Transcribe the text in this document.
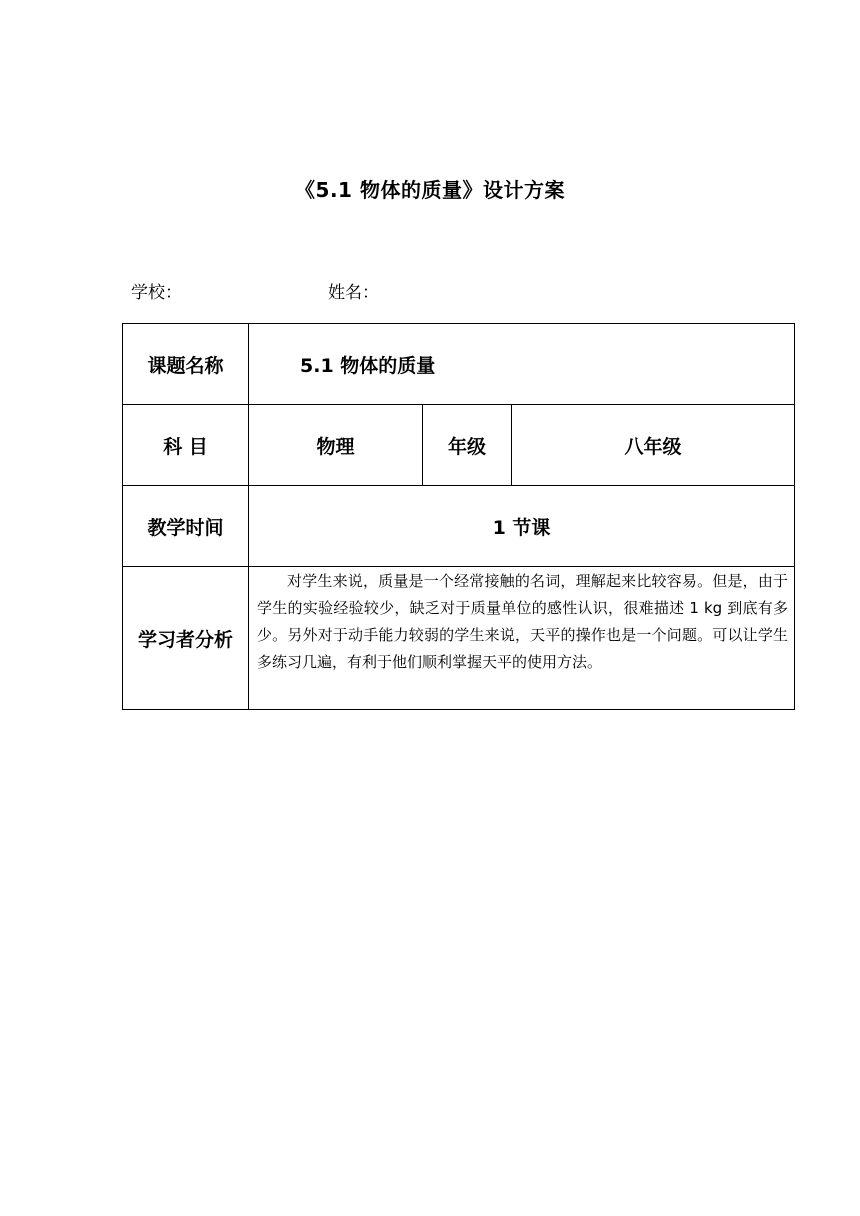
《5.1 物体的质量》设计方案
学校：	姓名：
课题名称	5.1 物体的质量		
科 目	物理	年级	八年级
教学时间	1 节课		
学习者分析	对学生来说，质量是一个经常接触的名词，理解起来比较容易。但是，由于学生的实验经验较少，缺乏对于质量单位的感性认识，很难描述 1 kg 到底有多少。另外对于动手能力较弱的学生来说，天平的操作也是一个问题。可以让学生多练习几遍，有利于他们顺利掌握天平的使用方法。		
